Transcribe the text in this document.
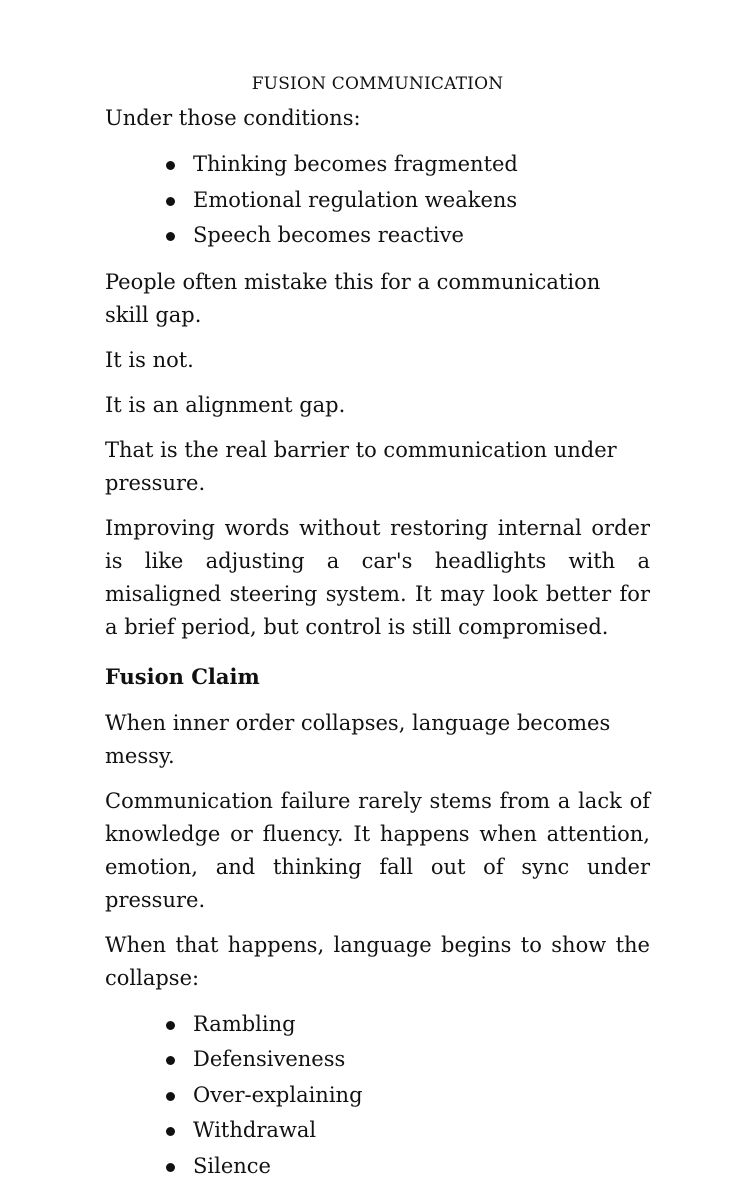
FUSION COMMUNICATION

Under those conditions:

Thinking becomes fragmented
Emotional regulation weakens
Speech becomes reactive

People often mistake this for a communication skill gap.

It is not.

It is an alignment gap.

That is the real barrier to communication under pressure.

Improving words without restoring internal order is like adjusting a car's headlights with a misaligned steering system. It may look better for a brief period, but control is still compromised.

Fusion Claim

When inner order collapses, language becomes messy.

Communication failure rarely stems from a lack of knowledge or fluency. It happens when attention, emotion, and thinking fall out of sync under pressure.

When that happens, language begins to show the collapse:

Rambling
Defensiveness
Over-explaining
Withdrawal
Silence
